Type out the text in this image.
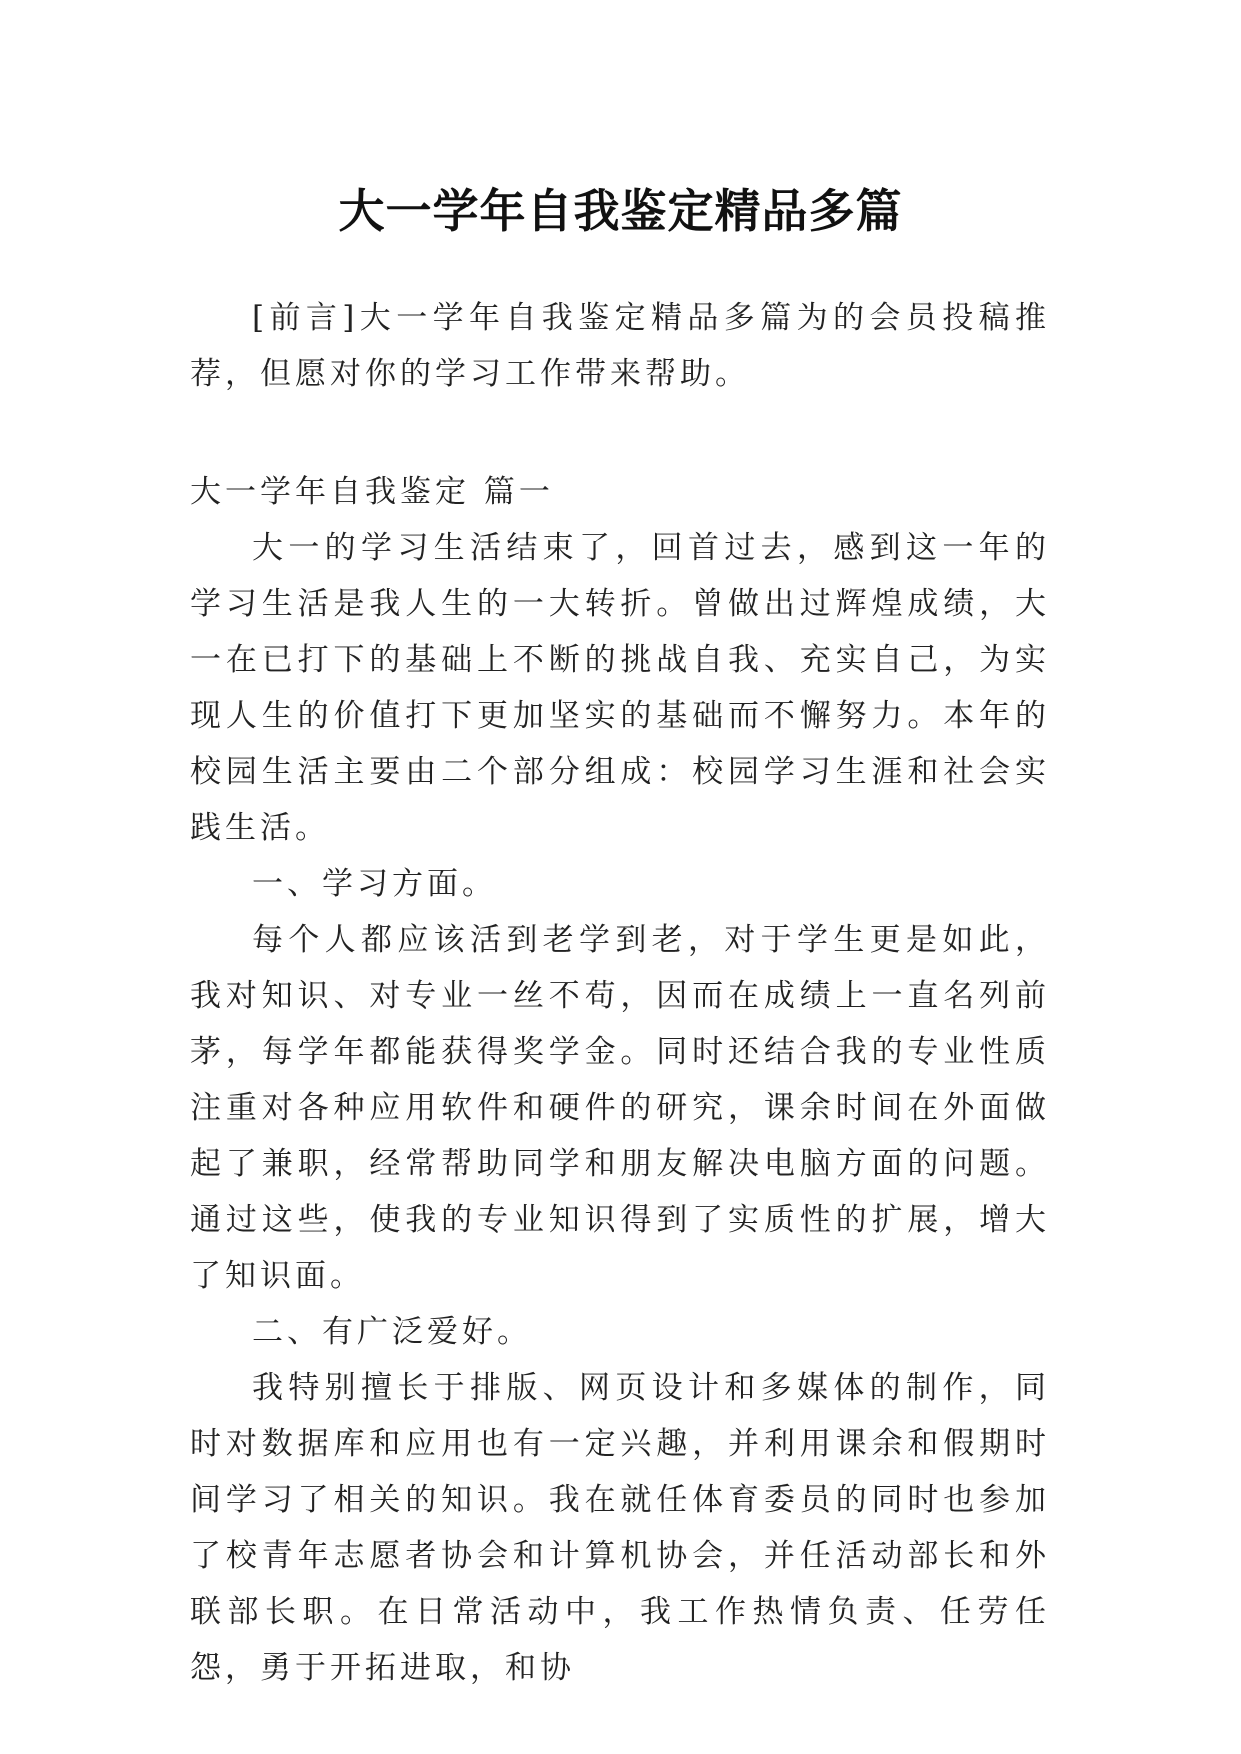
大一学年自我鉴定精品多篇

[前言]大一学年自我鉴定精品多篇为的会员投稿推荐，但愿对你的学习工作带来帮助。

大一学年自我鉴定 篇一

大一的学习生活结束了，回首过去，感到这一年的学习生活是我人生的一大转折。曾做出过辉煌成绩，大一在已打下的基础上不断的挑战自我、充实自己，为实现人生的价值打下更加坚实的基础而不懈努力。本年的校园生活主要由二个部分组成：校园学习生涯和社会实践生活。

一、学习方面。

每个人都应该活到老学到老，对于学生更是如此，我对知识、对专业一丝不苟，因而在成绩上一直名列前茅，每学年都能获得奖学金。同时还结合我的专业性质注重对各种应用软件和硬件的研究，课余时间在外面做起了兼职，经常帮助同学和朋友解决电脑方面的问题。通过这些，使我的专业知识得到了实质性的扩展，增大了知识面。

二、有广泛爱好。

我特别擅长于排版、网页设计和多媒体的制作，同时对数据库和应用也有一定兴趣，并利用课余和假期时间学习了相关的知识。我在就任体育委员的同时也参加了校青年志愿者协会和计算机协会，并任活动部长和外联部长职。在日常活动中，我工作热情负责、任劳任怨，勇于开拓进取，和协
